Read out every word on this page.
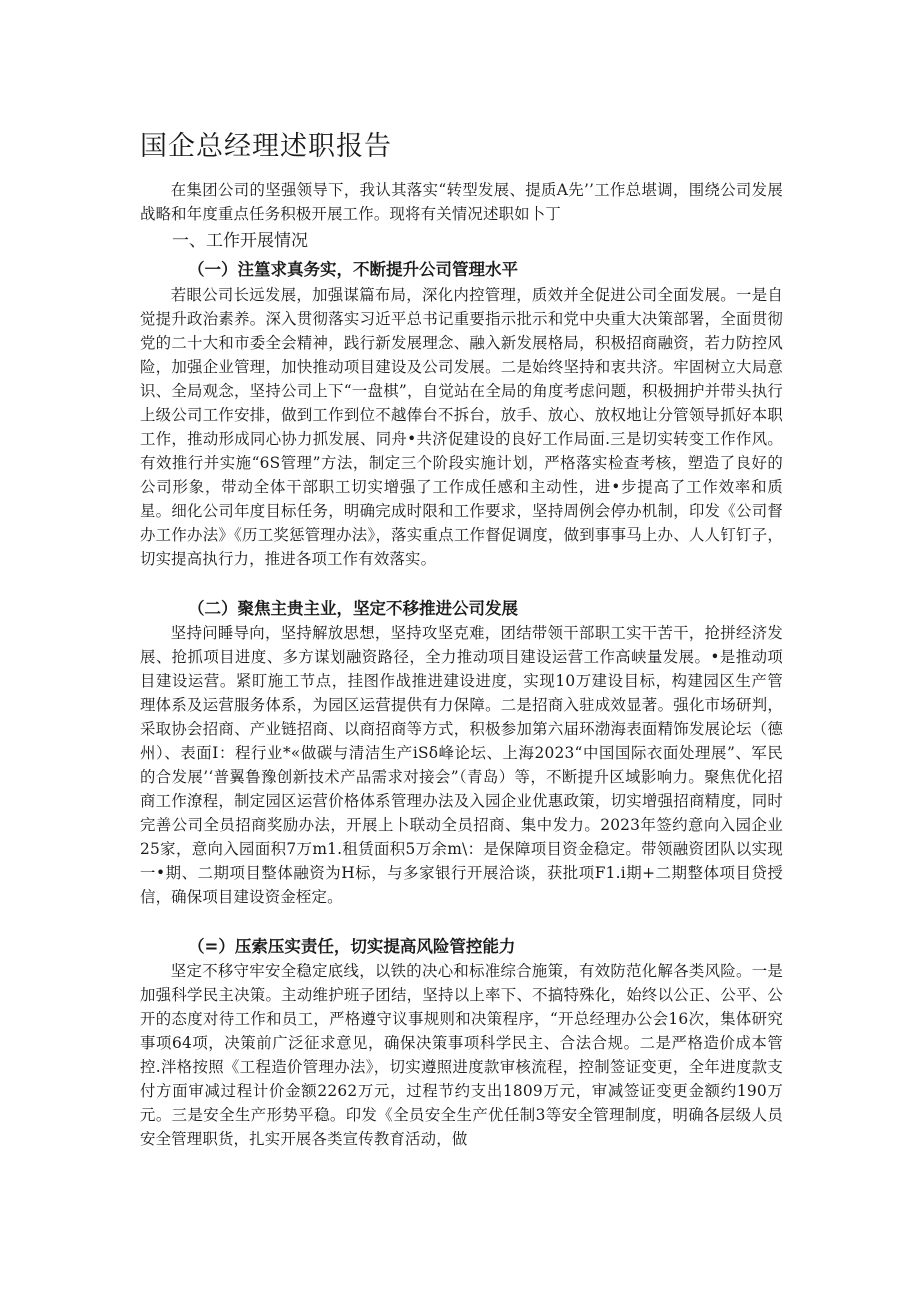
国企总经理述职报告

在集团公司的坚强领导下，我认其落实“转型发展、提质A先’’工作总堪调，围绕公司发展战略和年度重点任务积极开展工作。现将有关情况述职如卜丁

一、工作开展情况
（一）注篁求真务实，不断提升公司管理水平

若眼公司长远发展，加强谋篇布局，深化内控管理，质效并全促进公司全面发展。一是自觉提升政治素养。深入贯彻落实习近平总书记重要指示批示和党中央重大决策部署，全面贯彻党的二十大和市委全会精神，践行新发展理念、融入新发展格局，积极招商融资，若力防控风险，加强企业管理，加快推动项目建设及公司发展。二是始终坚持和衷共济。牢固树立大局意识、全局观念，坚持公司上下“一盘棋”，自觉站在全局的角度考虑问题，积极拥护并带头执行上级公司工作安排，做到工作到位不越俸台不拆台，放手、放心、放权地让分管领导抓好本职工作，推动形成同心协力抓发展、同舟•共济促建设的良好工作局面.三是切实转变工作作风。有效推行并实施“6S管理”方法，制定三个阶段实施计划，严格落实检查考核，塑造了良好的公司形象，带动全体干部职工切实增强了工作成任感和主动性，进•步提高了工作效率和质星。细化公司年度目标任务，明确完成时限和工作要求，坚持周例会停办机制，印发《公司督办工作办法》《历工奖惩管理办法》，落实重点工作督促调度，做到事事马上办、人人钉钉子，切实提高执行力，推进各项工作有效落实。

（二）聚焦主贵主业，坚定不移推进公司发展

坚持问睡导向，坚持解放思想，坚持攻坚克难，团结带领干部职工实干苦干，抢拼经济发展、抢抓项目进度、多方谋划融资路径，全力推动项目建设运营工作高峡量发展。•是推动项目建设运营。紧盯施工节点，挂图作战推进建设进度，实现10万建设目标，构建园区生产管理体系及运营服务体系，为园区运营提供有力保障。二是招商入驻成效显著。强化市场研判，采取协会招商、产业链招商、以商招商等方式，积极参加第六届环渤海表面精饰发展论坛（德州）、表面I：程行业*«做碳与清洁生产iSδ峰论坛、上海2023“中国国际衣面处理展”、军民的合发展’‘普翼鲁豫创新技术产品需求对接会”（青岛）等，不断提升区域影响力。聚焦优化招商工作潦程，制定园区运营价格体系管理办法及入园企业优惠政策，切实增强招商精度，同时完善公司全员招商奖励办法，开展上卜联动全员招商、集中发力。2023年签约意向入园企业25家，意向入园面积7万m1.租赁面积5万余m\：是保障项目资金稳定。带领融资团队以实现一•期、二期项目整体融资为H标，与多家银行开展洽谈，获批项F1.i期+二期整体项目贷授信，确保项目建设资金桎定。

（=）压索压实责任，切实提高风险管控能力

坚定不移守牢安全稳定底线，以铁的决心和标准综合施策，有效防范化解各类风险。一是加强科学民主决策。主动维护班子团结，坚持以上率下、不搞特殊化，始终以公正、公平、公开的态度对待工作和员工，严格遵守议事规则和决策程序，“开总经理办公会16次，集体研究事项64项，决策前广泛征求意见，确保决策事项科学民主、合法合规。二是严格造价成本管控.泮格按照《工程造价管理办法》，切实遵照进度款审核流程，控制签证变更，全年进度款支付方面审减过程计价金额2262万元，过程节约支出1809万元，审减签证变更金额约190万元。三是安全生产形势平稳。印发《全员安全生产优任制3等安全管理制度，明确各层级人员安全管理职货，扎实开展各类宣传教育活动，做
